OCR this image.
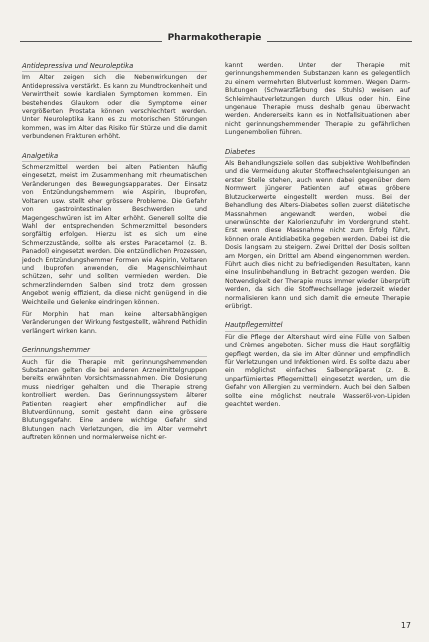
Pharmakotherapie
Antidepressiva und Neuroleptika

Im Alter zeigen sich die Nebenwirkungen der Antidepressiva verstärkt. Es kann zu Mundtrockenheit und Verwirrtheit sowie kardialen Symptomen kommen. Ein bestehendes Glaukom oder die Symptome einer vergrößerten Prostata können verschlechtert werden. Unter Neuroleptika kann es zu motorischen Störungen kommen, was im Alter das Risiko für Stürze und die damit verbundenen Frakturen erhöht.

Analgetika

Schmerzmittel werden bei alten Patienten häufig eingesetzt, meist im Zusammenhang mit rheumatischen Veränderungen des Bewegungsapparates. Der Einsatz von Entzündungshemmern wie Aspirin, Ibuprofen, Voltaren usw. stellt eher grössere Probleme. Die Gefahr von gastrointestinalen Beschwerden und Magengeschwüren ist im Alter erhöht. Generell sollte die Wahl der entsprechenden Schmerzmittel besonders sorgfältig erfolgen. Hierzu ist es sich um eine Schmerzzustände, sollte als erstes Paracetamol (z. B. Panadol) eingesetzt werden. Die entzündlichen Prozessen, jedoch Entzündungshemmer Formen wie Aspirin, Voltaren und Ibuprofen anwenden, die Magenschleimhaut schützen, sehr und sollten vermieden werden. Die schmerzlindernden Salben sind trotz dem grossen Angebot wenig effizient, da diese nicht genügend in die Weichteile und Gelenke eindringen können.

Für Morphin hat man keine altersabhängigen Veränderungen der Wirkung festgestellt, während Pethidin verlängert wirken kann.

Gerinnungshemmer

Auch für die Therapie mit gerinnungshemmenden Substanzen gelten die bei anderen Arzneimittelgruppen bereits erwähnten Vorsichtsmassnahmen. Die Dosierung muss niedriger gehalten und die Therapie streng kontrolliert werden. Das Gerinnungssystem älterer Patienten reagiert eher empfindlicher auf die Blutverdünnung, somit gesteht dann eine grössere Blutungsgefahr. Eine andere wichtige Gefahr sind Blutungen nach Verletzungen, die im Alter vermehrt auftreten können und normalerweise nicht er-

kannt werden. Unter der Therapie mit gerinnungshemmenden Substanzen kann es gelegentlich zu einem vermehrten Blutverlust kommen. Wegen Darm-Blutungen (Schwarzfärbung des Stuhls) weisen auf Schleimhautverletzungen durch Ulkus oder hin. Eine ungenaue Therapie muss deshalb genau überwacht werden. Andererseits kann es in Notfallsituationen aber nicht gerinnungshemmender Therapie zu gefährlichen Lungenembolien führen.

Diabetes

Als Behandlungsziele sollen das subjektive Wohlbefinden und die Vermeidung akuter Stoffwechselentgleisungen an erster Stelle stehen, auch wenn dabei gegenüber dem Normwert jüngerer Patienten auf etwas gröbere Blutzuckerwerte eingestellt werden muss. Bei der Behandlung des Alters-Diabetes sollen zuerst diätetische Massnahmen angewandt werden, wobei die unerwünschte der Kalorienzufuhr im Vordergrund steht. Erst wenn diese Massnahme nicht zum Erfolg führt, können orale Antidiabetika gegeben werden. Dabei ist die Dosis langsam zu steigern. Zwei Drittel der Dosis sollten am Morgen, ein Drittel am Abend eingenommen werden. Führt auch dies nicht zu befriedigenden Resultaten, kann eine Insulinbehandlung in Betracht gezogen werden. Die Notwendigkeit der Therapie muss immer wieder überprüft werden, da sich die Stoffwechsellage jederzeit wieder normalisieren kann und sich damit die erneute Therapie erübrigt.

Hautpflegemittel

Für die Pflege der Altershaut wird eine Fülle von Salben und Crèmes angeboten. Sicher muss die Haut sorgfältig gepflegt werden, da sie im Alter dünner und empfindlich für Verletzungen und Infektionen wird. Es sollte dazu aber ein möglichst einfaches Salbenpräparat (z. B. unparfümiertes Pflegemittel) eingesetzt werden, um die Gefahr von Allergien zu vermindern. Auch bei den Salben sollte eine möglichst neutrale Wasseröl-von-Lipiden geachtet werden.

17
